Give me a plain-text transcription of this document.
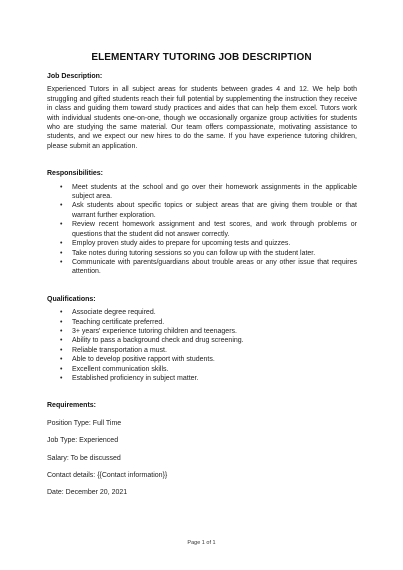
ELEMENTARY TUTORING JOB DESCRIPTION

Job Description:

Experienced Tutors in all subject areas for students between grades 4 and 12. We help both struggling and gifted students reach their full potential by supplementing the instruction they receive in class and guiding them toward study practices and aides that can help them excel. Tutors work with individual students one-on-one, though we occasionally organize group activities for students who are studying the same material. Our team offers compassionate, motivating assistance to students, and we expect our new hires to do the same. If you have experience tutoring children, please submit an application.

Responsibilities:

• Meet students at the school and go over their homework assignments in the applicable subject area.
• Ask students about specific topics or subject areas that are giving them trouble or that warrant further exploration.
• Review recent homework assignment and test scores, and work through problems or questions that the student did not answer correctly.
• Employ proven study aides to prepare for upcoming tests and quizzes.
• Take notes during tutoring sessions so you can follow up with the student later.
• Communicate with parents/guardians about trouble areas or any other issue that requires attention.

Qualifications:

• Associate degree required.
• Teaching certificate preferred.
• 3+ years' experience tutoring children and teenagers.
• Ability to pass a background check and drug screening.
• Reliable transportation a must.
• Able to develop positive rapport with students.
• Excellent communication skills.
• Established proficiency in subject matter.

Requirements:

Position Type: Full Time

Job Type: Experienced

Salary: To be discussed

Contact details: {{Contact information}}

Date: December 20, 2021

Page 1 of 1
